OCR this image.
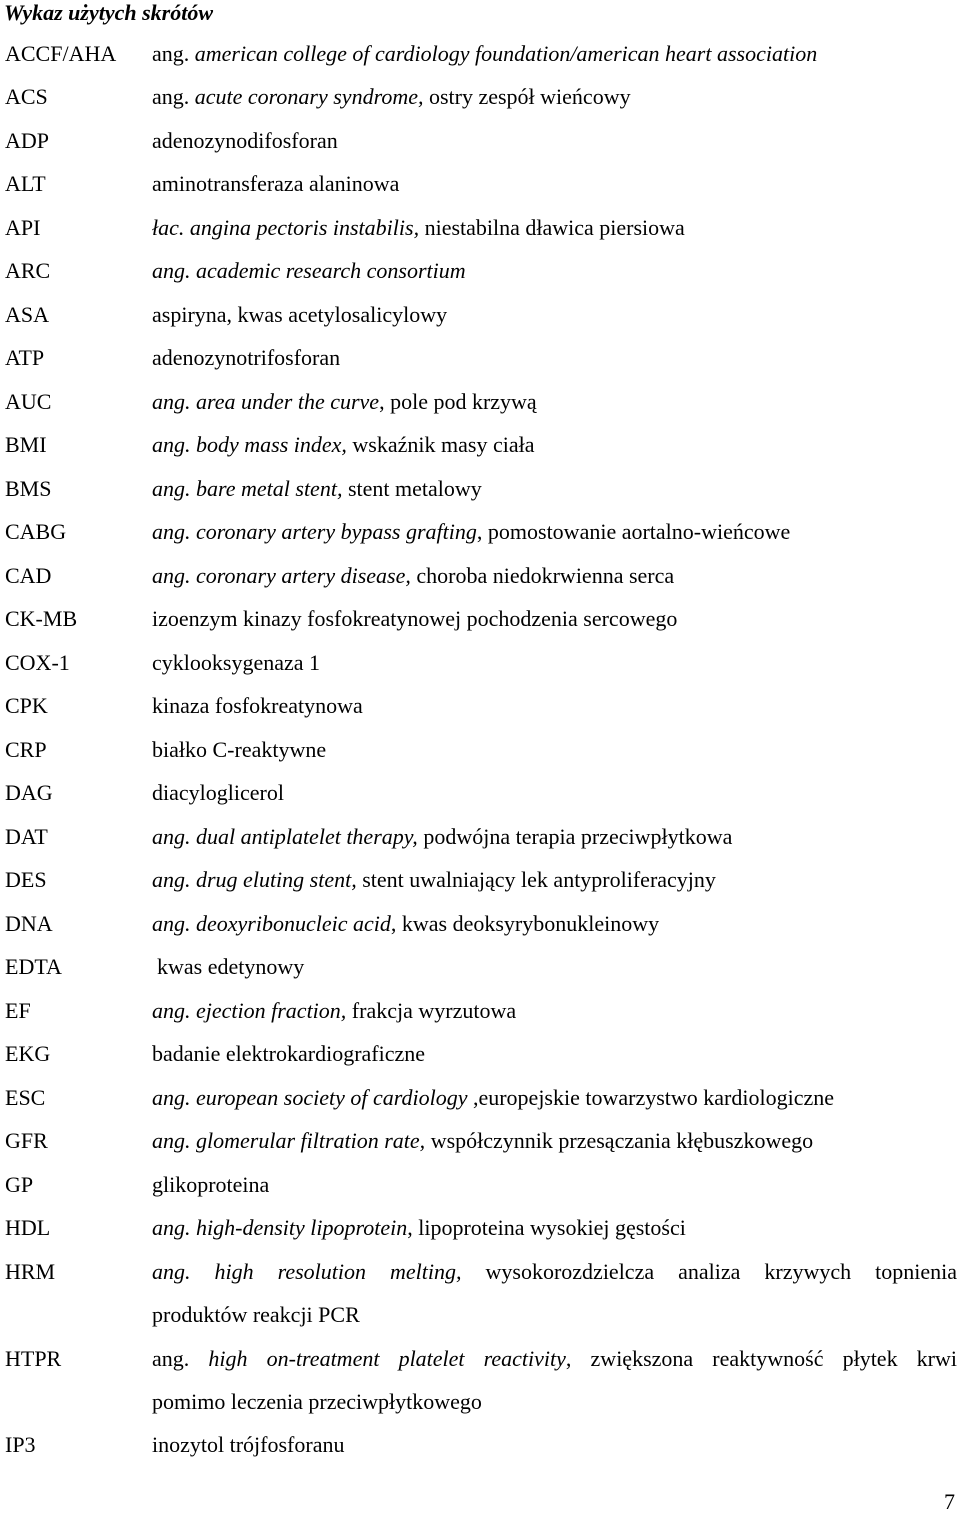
Wykaz użytych skrótów
ACCF/AHA ang. american college of cardiology foundation/american heart association
ACS	ang. acute coronary syndrome, ostry zespół wieńcowy
ADP	adenozynodifosforan
ALT	aminotransferaza alaninowa
API	łac. angina pectoris instabilis, niestabilna dławica piersiowa
ARC	ang. academic research consortium
ASA	aspiryna, kwas acetylosalicylowy
ATP	adenozynotrifosforan
AUC	ang. area under the curve, pole pod krzywą
BMI	ang. body mass index, wskaźnik masy ciała
BMS	ang. bare metal stent, stent metalowy
CABG	ang. coronary artery bypass grafting, pomostowanie aortalno-wieńcowe
CAD	ang. coronary artery disease, choroba niedokrwienna serca
CK-MB	izoenzym kinazy fosfokreatynowej pochodzenia sercowego
COX-1	cyklooksygenaza 1
CPK	kinaza fosfokreatynowa
CRP	białko C-reaktywne
DAG	diacyloglicerol
DAT	ang. dual antiplatelet therapy, podwójna terapia przeciwpłytkowa
DES	ang. drug eluting stent, stent uwalniający lek antyproliferacyjny
DNA	ang. deoxyribonucleic acid, kwas deoksyrybonukleinowy
EDTA	kwas edetynowy
EF	ang. ejection fraction, frakcja wyrzutowa
EKG	badanie elektrokardiograficzne
ESC	ang. european society of cardiology ,europejskie towarzystwo kardiologiczne
GFR	ang. glomerular filtration rate, współczynnik przesączania kłębuszkowego
GP	glikoproteina
HDL	ang. high-density lipoprotein, lipoproteina wysokiej gęstości
HRM	ang. high resolution melting, wysokorozdzielcza analiza krzywych topnienia
produktów reakcji PCR
HTPR	ang. high on-treatment platelet reactivity, zwiększona reaktywność płytek krwi
pomimo leczenia przeciwpłytkowego
IP3	inozytol trójfosforanu
7
